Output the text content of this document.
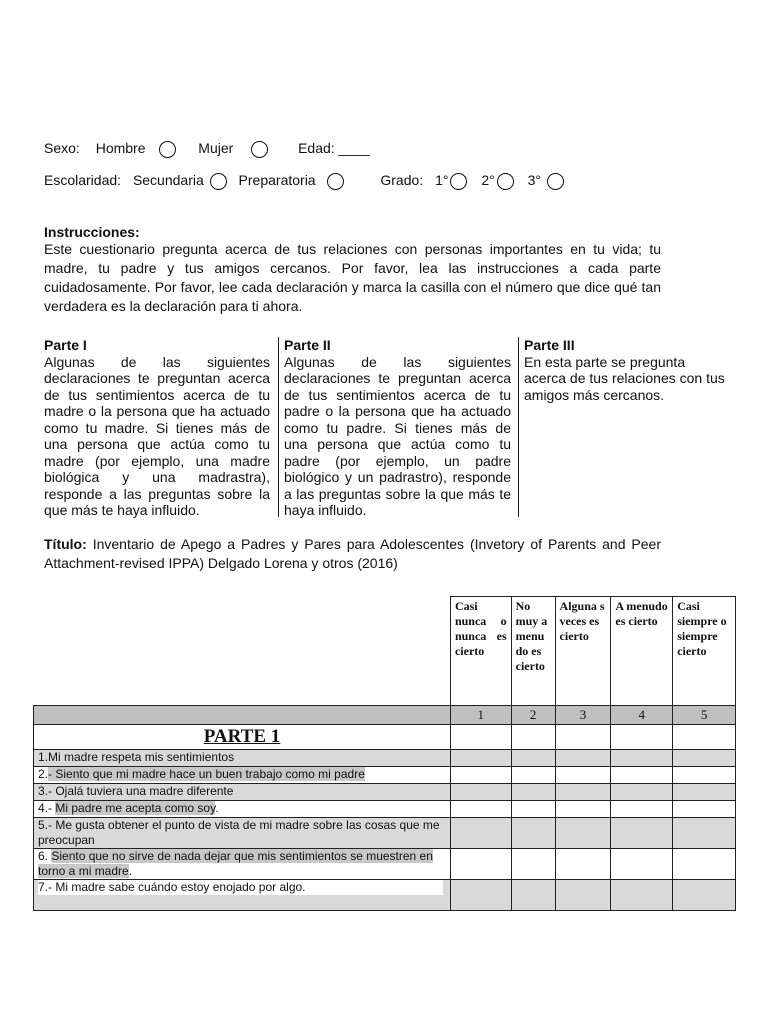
Sexo: Hombre	Mujer	Edad: ____
Escolaridad: Secundaria Preparatoria	Grado: 1° 2° 3°
Instrucciones:
Este cuestionario pregunta acerca de tus relaciones con personas importantes en tu vida; tu madre, tu padre y tus amigos cercanos. Por favor, lea las instrucciones a cada parte cuidadosamente. Por favor, lee cada declaración y marca la casilla con el número que dice qué tan verdadera es la declaración para ti ahora.
Parte I
Algunas de las siguientes declaraciones te preguntan acerca de tus sentimientos acerca de tu madre o la persona que ha actuado como tu madre. Si tienes más de una persona que actúa como tu madre (por ejemplo, una madre biológica y una madrastra), responde a las preguntas sobre la que más te haya influido.
Parte II
Algunas de las siguientes declaraciones te preguntan acerca de tus sentimientos acerca de tu padre o la persona que ha actuado como tu padre. Si tienes más de una persona que actúa como tu padre (por ejemplo, un padre biológico y un padrastro), responde a las preguntas sobre la que más te haya influido.
Parte III
En esta parte se pregunta acerca de tus relaciones con tus amigos más cercanos.
Título: Inventario de Apego a Padres y Pares para Adolescentes (Invetory of Parents and Peer Attachment-revised IPPA) Delgado Lorena y otros (2016)
	Casi nunca o nunca es cierto	No muy a menu do es cierto	Alguna s veces es cierto	A menudo es cierto	Casi siempre o siempre cierto
	1	2	3	4	5
PARTE 1					
1.Mi madre respeta mis sentimientos					
2.- Siento que mi madre hace un buen trabajo como mi padre					
3.- Ojalá tuviera una madre diferente					
4.- Mi padre me acepta como soy.					
5.- Me gusta obtener el punto de vista de mi madre sobre las cosas que me preocupan					
6. Siento que no sirve de nada dejar que mis sentimientos se muestren en torno a mi madre.					
7.- Mi madre sabe cuándo estoy enojado por algo.					
